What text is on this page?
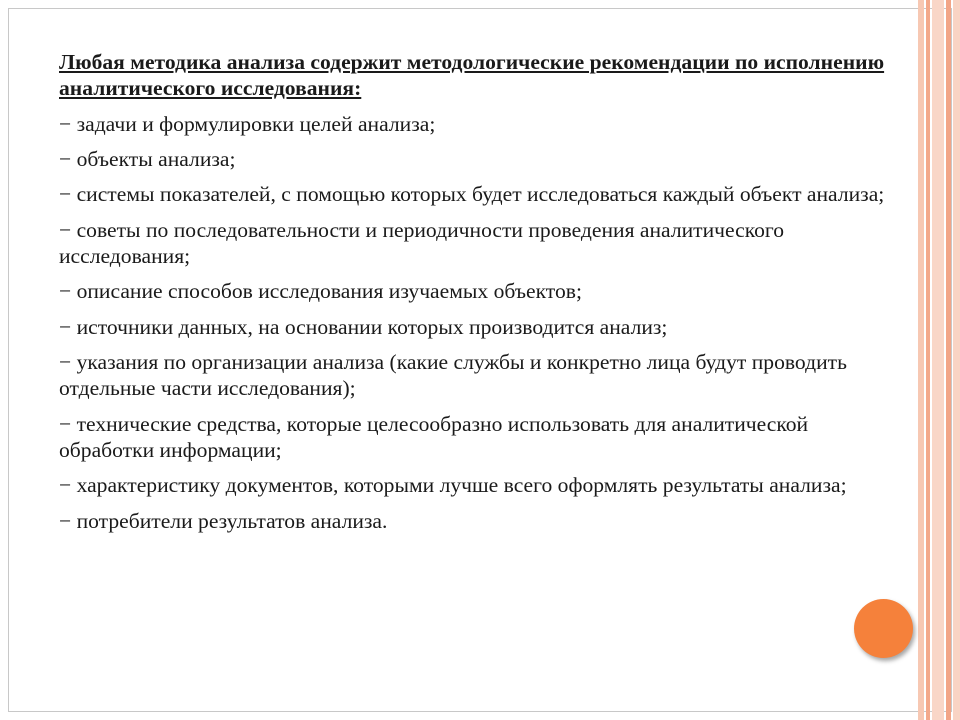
Любая методика анализа содержит методологические рекомендации по исполнению аналитического исследования:

− задачи и формулировки целей анализа;
− объекты анализа;
− системы показателей, с помощью которых будет исследоваться каждый объект анализа;
− советы по последовательности и периодичности проведения аналитического исследования;
− описание способов исследования изучаемых объектов;
− источники данных, на основании которых производится анализ;
− указания по организации анализа (какие службы и конкретно лица будут проводить отдельные части исследования);
− технические средства, которые целесообразно использовать для аналитической обработки информации;
− характеристику документов, которыми лучше всего оформлять результаты анализа;
− потребители результатов анализа.
